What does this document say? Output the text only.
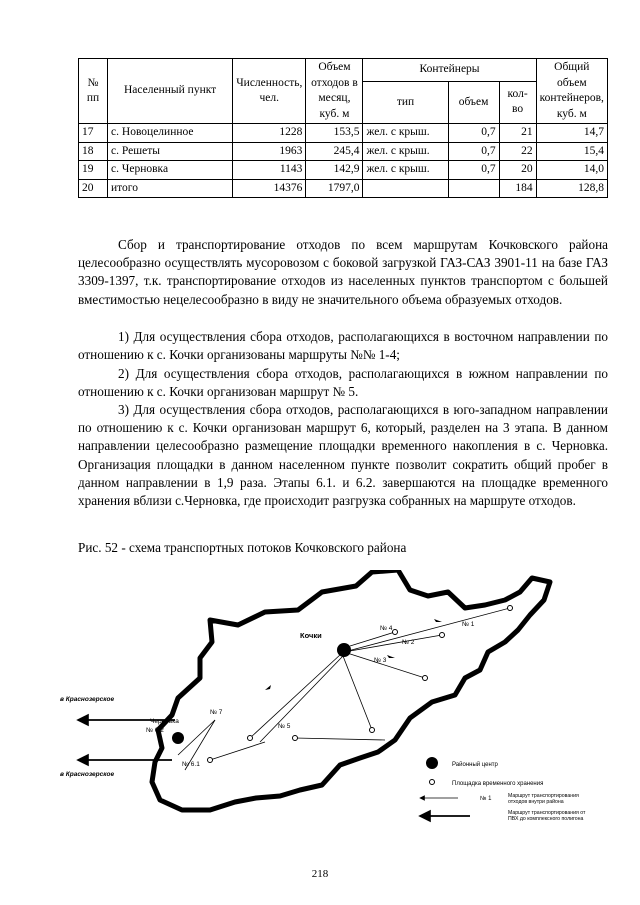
№ пп	Населенный пункт	Численность, чел.	Объем отходов в месяц, куб. м	Контейнеры			Общий объем контейнеров, куб. м
				тип	объем	кол-во	
17	с. Новоцелинное	1228	153,5	жел. с крыш.	0,7	21	14,7
18	с. Решеты	1963	245,4	жел. с крыш.	0,7	22	15,4
19	с. Черновка	1143	142,9	жел. с крыш.	0,7	20	14,0
20	итого	14376	1797,0			184	128,8

Сбор и транспортирование отходов по всем маршрутам Кочковского района целесообразно осуществлять мусоровозом с боковой загрузкой ГАЗ-САЗ 3901-11 на базе ГАЗ 3309-1397, т.к. транспортирование отходов из населенных пунктов транспортом с большей вместимостью нецелесообразно в виду не значительного объема образуемых отходов.

1) Для осуществления сбора отходов, располагающихся в восточном направлении по отношению к с. Кочки организованы маршруты №№ 1-4;

2) Для осуществления сбора отходов, располагающихся в южном направлении по отношению к с. Кочки организован маршрут № 5.

3) Для осуществления сбора отходов, располагающихся в юго-западном направлении по отношению к с. Кочки организован маршрут 6, который, разделен на 3 этапа. В данном направлении целесообразно размещение площадки временного накопления в с. Черновка. Организация площадки в данном населенном пункте позволит сократить общий пробег в данном направлении в 1,9 раза. Этапы 6.1. и 6.2. завершаются на площадке временного хранения вблизи с.Черновка, где происходит разгрузка собранных на маршруте отходов.

Рис. 52 - схема транспортных потоков Кочковского района

Кочки
Черновка
в Краснозерское
в Краснозерское
№ 1
№ 2
№ 3
№ 4
№ 5
№ 7
№ 6.1
№ 6.2
Районный центр
Площадка временного хранения
№ 1	Маршрут транспортирования
отходов внутри района
Маршрут транспортирования от
ПВХ до комплексного полигона
218
